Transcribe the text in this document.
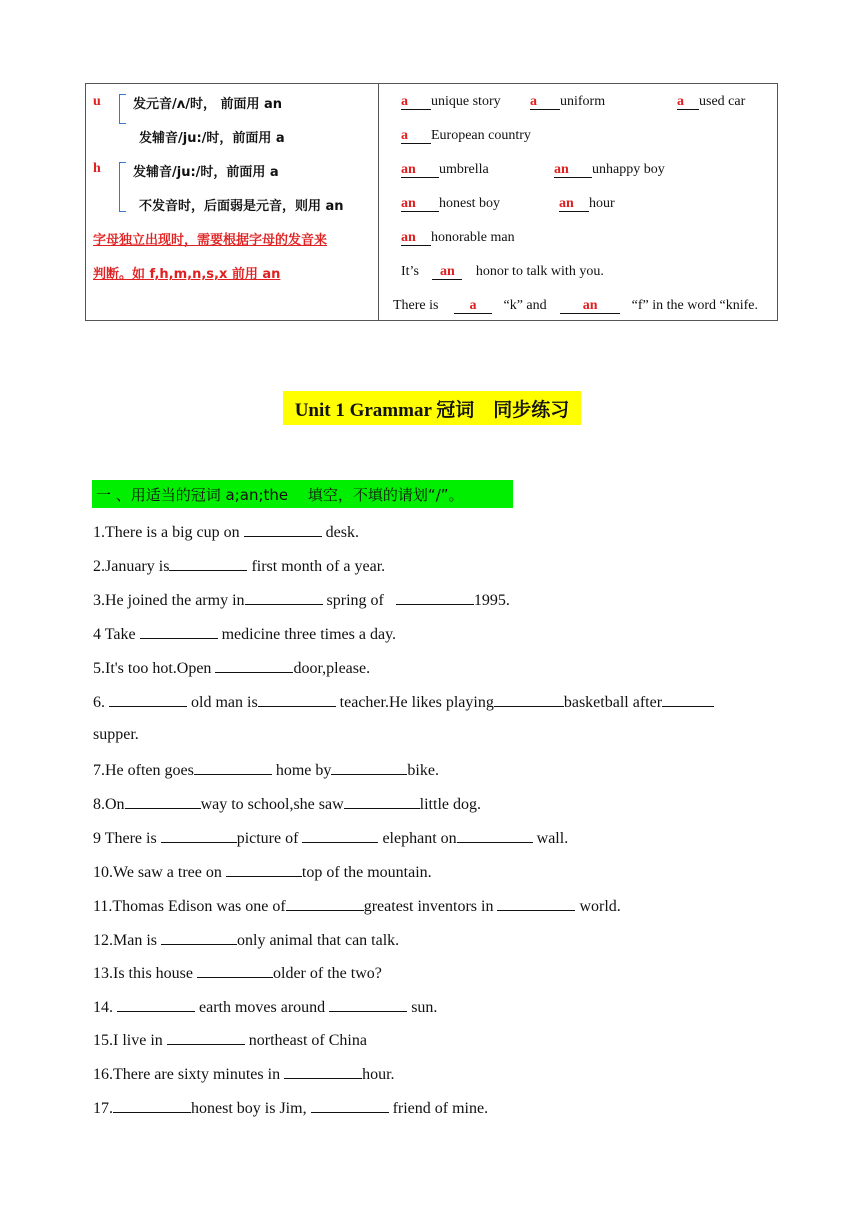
u 发元音/ʌ/时， 前面用 an
发辅音/ju:/时，前面用 a
h 发辅音/ju:/时，前面用 a
不发音时，后面弱是元音，则用 an
字母独立出现时，需要根据字母的发音来
判断。如 f,h,m,n,s,x 前用 an
a unique story a uniform	a used car
a European country
an umbrella	an unhappy boy
an honest boy	an hour
an honorable man
It’s an honor to talk with you.
There is a “k” and	an “f” in the word “knife.
Unit 1 Grammar 冠词　同步练习
一 、用适当的冠词 a;an;the　 填空，不填的请划“/”。
1.There is a big cup on	desk.
2.January is	first month of a year.
3.He joined the army in	spring of	1995.
4 Take	medicine three times a day.
5.It's too hot.Open	door,please.
6.	old man is	teacher.He likes playing	basketball after
supper.
7.He often goes	home by	bike.
8.On	way to school,she saw	little dog.
9 There is	picture of	elephant on	wall.
10.We saw a tree on	top of the mountain.
11.Thomas Edison was one of	greatest inventors in	world.
12.Man is	only animal that can talk.
13.Is this house	older of the two?
14.	earth moves around	sun.
15.I live in	northeast of China
16.There are sixty minutes in	hour.
17.	honest boy is Jim,	friend of mine.
